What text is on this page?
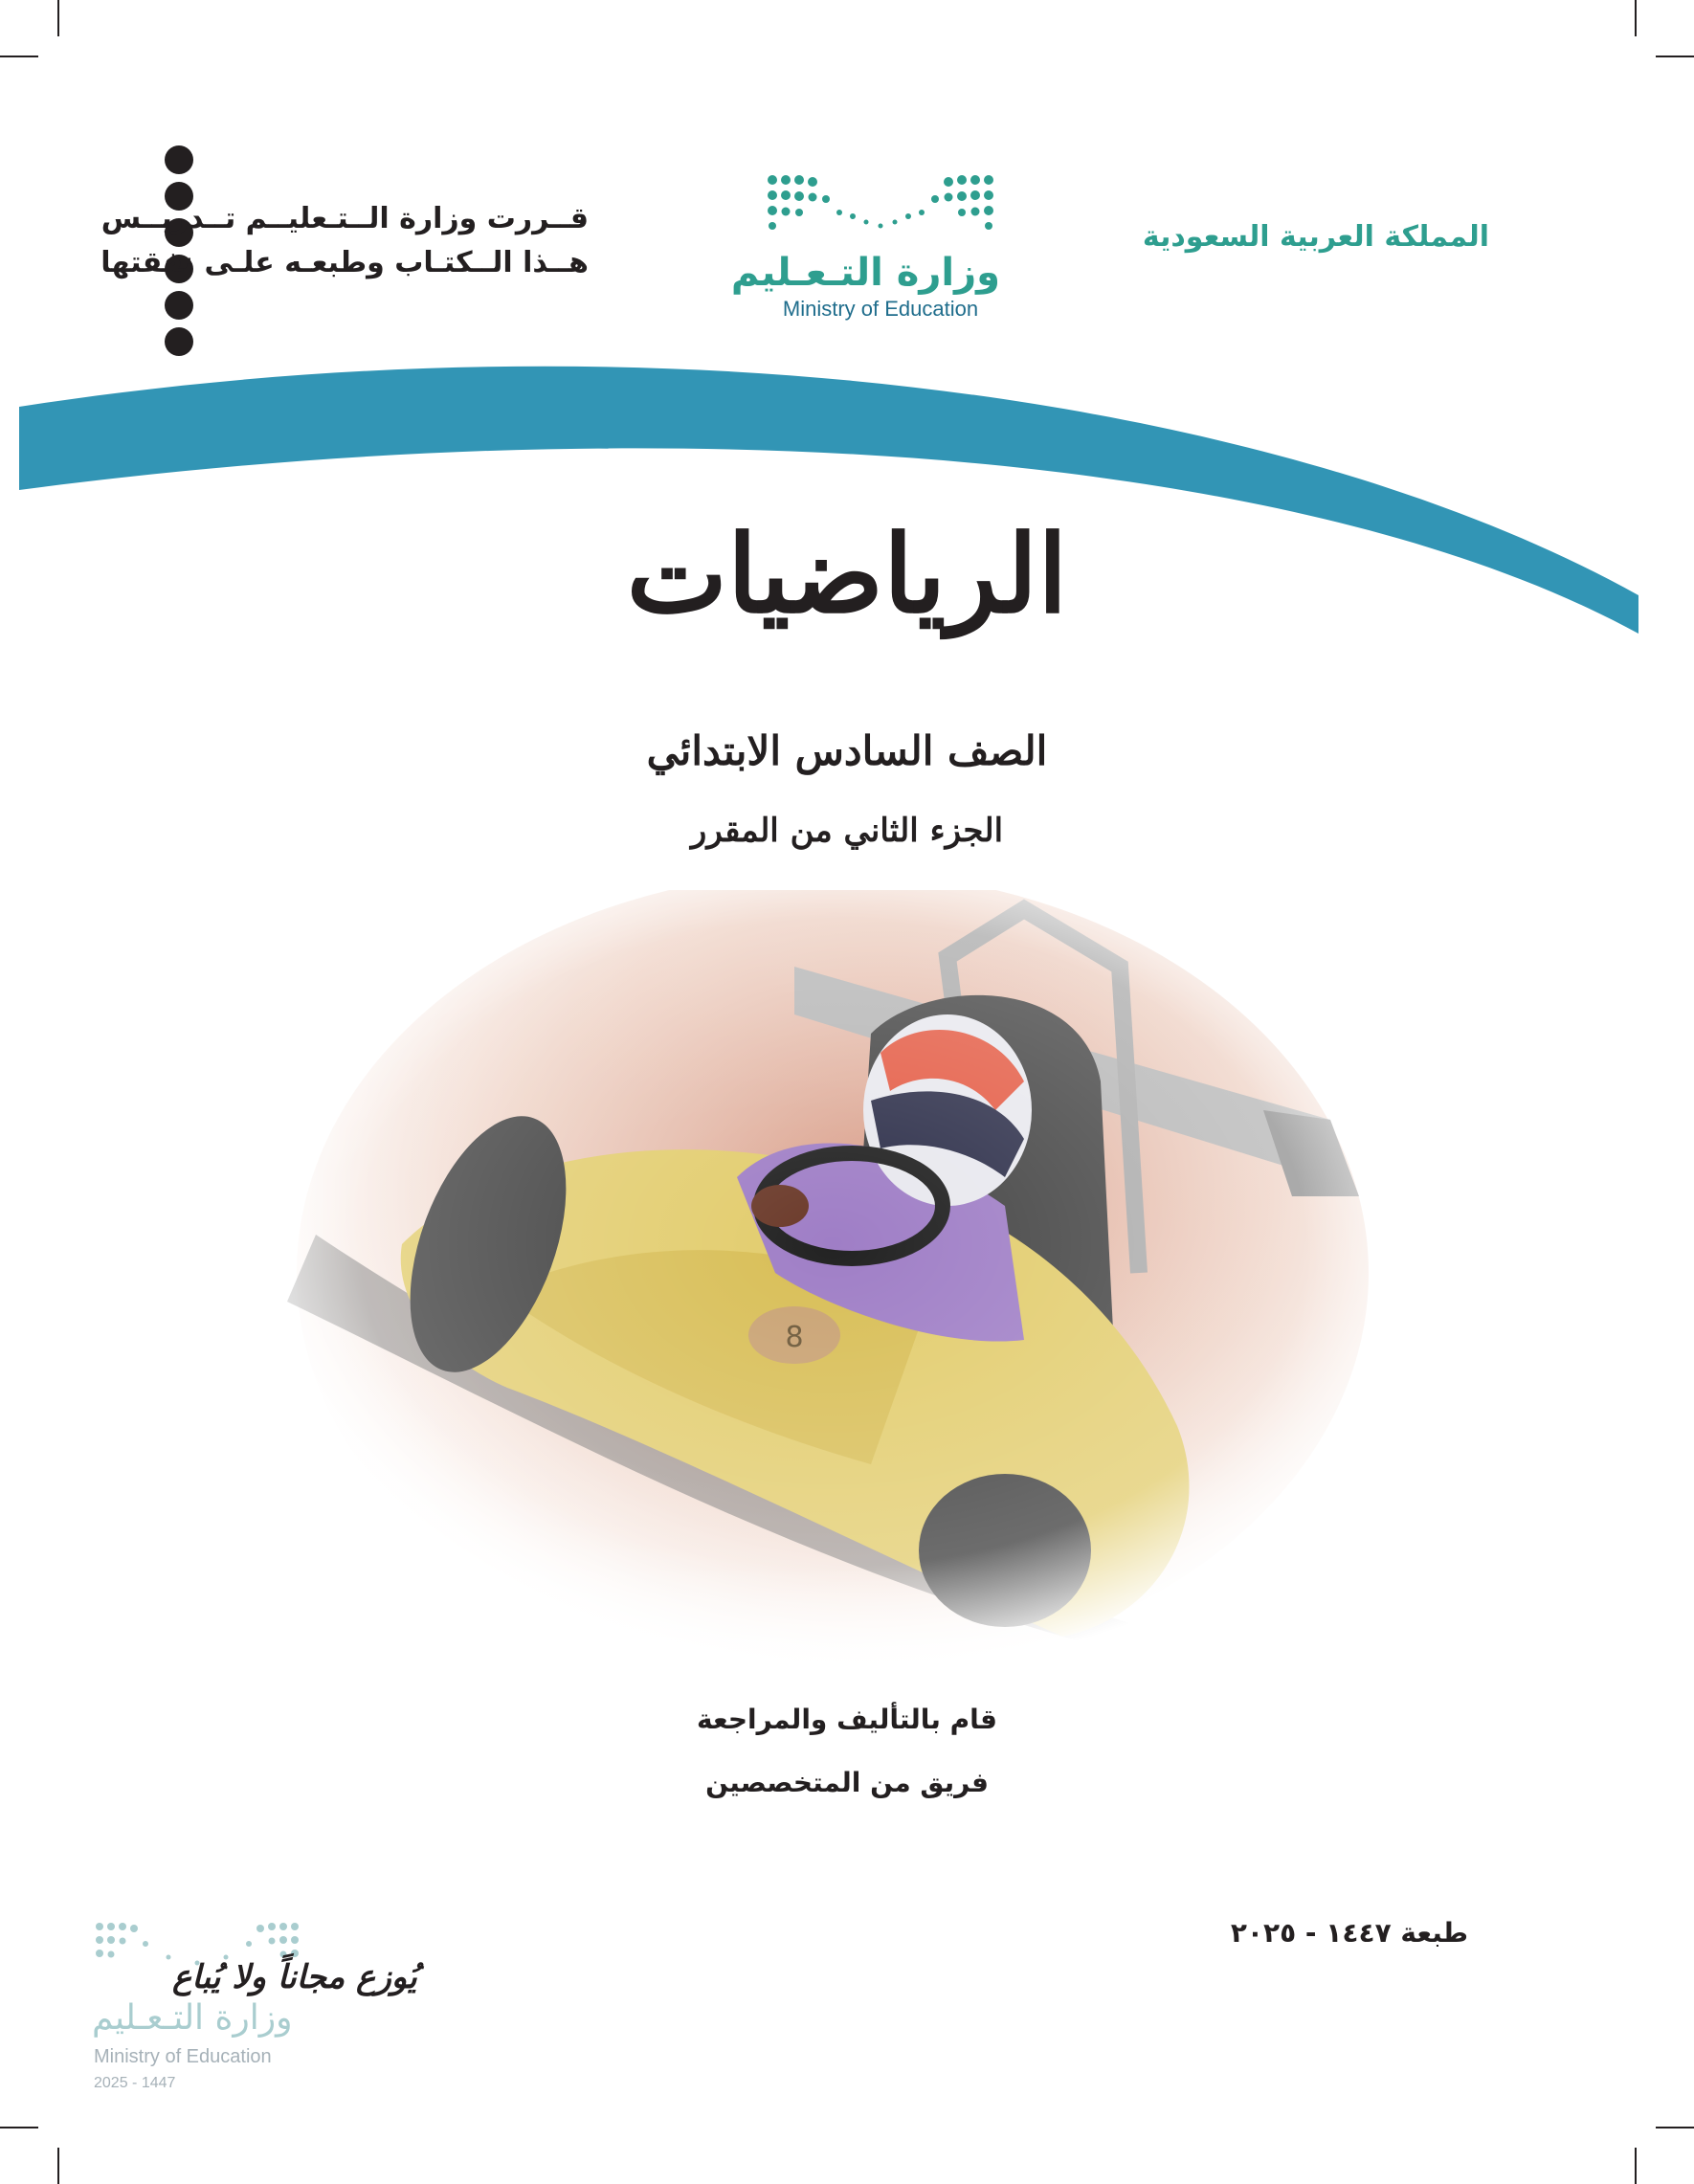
قــررت وزارة الــتـعليــم تــدريــس
هــذا الــكتـاب وطبعـه علـى نفقتها
المملكة العربية السعودية
وزارة التـعـليم
Ministry of Education
الرياضيات
الصف السادس الابتدائي
الجزء الثاني من المقرر
قام بالتأليف والمراجعة
فريق من المتخصصين
طبعة ١٤٤٧ - ٢٠٢٥
يُوزع مجاناً ولا يُباع
وزارة التـعـليم
Ministry of Education
2025 - 1447
